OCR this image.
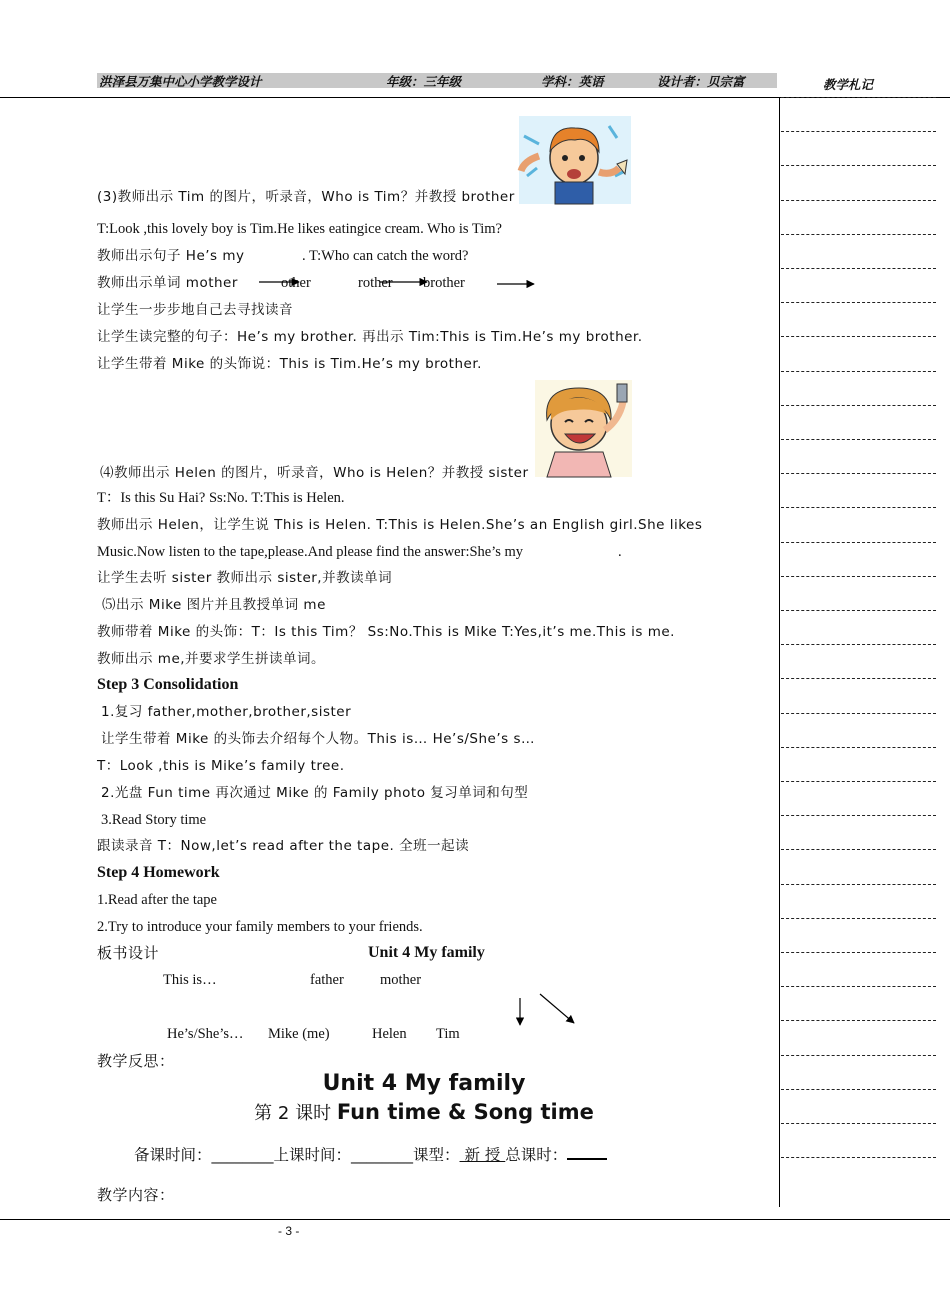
洪泽县万集中心小学教学设计	年级：三年级	学科：英语	设计者：贝宗富	教学札记
(3)教师出示 Tim 的图片，听录音，Who is Tim？并教授 brother
T:Look ,this lovely boy is Tim.He likes eatingice cream. Who is Tim?
教师出示句子 He’s my	. T:Who can catch the word?
教师出示单词 mother	other	rother brother
让学生一步步地自己去寻找读音
让学生读完整的句子：He’s my brother. 再出示 Tim:This is Tim.He’s my brother.
让学生带着 Mike 的头饰说：This is Tim.He’s my brother.
⑷教师出示 Helen 的图片，听录音，Who is Helen？并教授 sister
T：Is this Su Hai? Ss:No. T:This is Helen.
教师出示 Helen，让学生说 This is Helen. T:This is Helen.She’s an English girl.She likes
Music.Now listen to the tape,please.And please find the answer:She’s my	.
让学生去听 sister 教师出示 sister,并教读单词
⑸出示 Mike 图片并且教授单词 me
教师带着 Mike 的头饰：T：Is this Tim？ Ss:No.This is Mike T:Yes,it’s me.This is me.
教师出示 me,并要求学生拼读单词。
Step 3 Consolidation
1.复习 father,mother,brother,sister
让学生带着 Mike 的头饰去介绍每个人物。This is… He’s/She’s s…
T：Look ,this is Mike’s family tree.
2.光盘 Fun time 再次通过 Mike 的 Family photo 复习单词和句型
3.Read Story time
跟读录音 T：Now,let’s read after the tape. 全班一起读
Step 4 Homework
1.Read after the tape
2.Try to introduce your family members to your friends.
板书设计	Unit 4 My family
This is…	father mother
He’s/She’s… Mike (me)	Helen Tim
教学反思：
Unit 4 My family
第 2 课时 Fun time & Song time
备课时间：________上课时间：________课型： 新 授 总课时：
教学内容：
- 3 -
